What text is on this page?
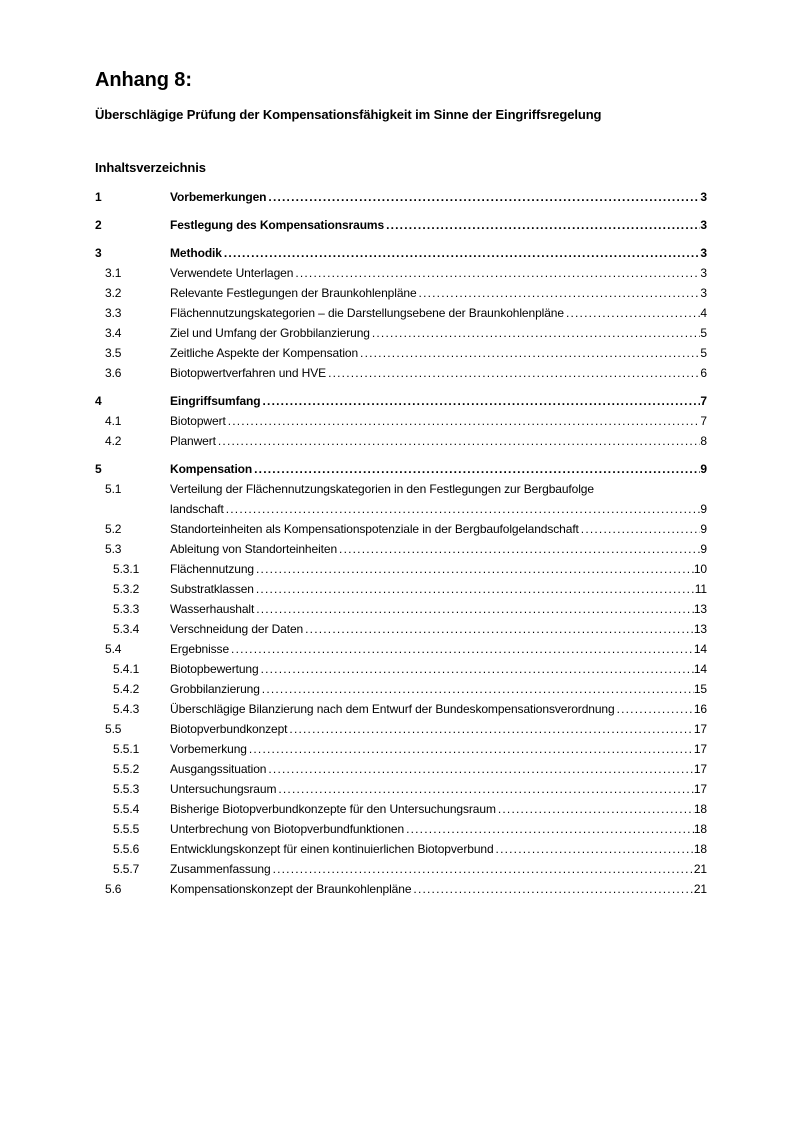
Anhang 8:
Überschlägige Prüfung der Kompensationsfähigkeit im Sinne der Eingriffsregelung
Inhaltsverzeichnis
1	Vorbemerkungen .....	3
2	Festlegung des Kompensationsraums .....	3
3	Methodik .....	3
3.1	Verwendete Unterlagen .....	3
3.2	Relevante Festlegungen der Braunkohlenpläne .....	3
3.3	Flächennutzungskategorien – die Darstellungsebene der Braunkohlenpläne .....	4
3.4	Ziel und Umfang der Grobbilanzierung .....	5
3.5	Zeitliche Aspekte der Kompensation .....	5
3.6	Biotopwertverfahren und HVE .....	6
4	Eingriffsumfang .....	7
4.1	Biotopwert .....	7
4.2	Planwert .....	8
5	Kompensation .....	9
5.1	Verteilung der Flächennutzungskategorien in den Festlegungen zur Bergbaufolge
landschaft .....	9
5.2	Standorteinheiten als Kompensationspotenziale in der Bergbaufolgelandschaft .....	9
5.3	Ableitung von Standorteinheiten .....	9
5.3.1	Flächennutzung .....	10
5.3.2	Substratklassen .....	11
5.3.3	Wasserhaushalt .....	13
5.3.4	Verschneidung der Daten .....	13
5.4	Ergebnisse .....	14
5.4.1	Biotopbewertung .....	14
5.4.2	Grobbilanzierung .....	15
5.4.3	Überschlägige Bilanzierung nach dem Entwurf der Bundeskompensationsverordnung .....	16
5.5	Biotopverbundkonzept .....	17
5.5.1	Vorbemerkung .....	17
5.5.2	Ausgangssituation .....	17
5.5.3	Untersuchungsraum .....	17
5.5.4	Bisherige Biotopverbundkonzepte für den Untersuchungsraum .....	18
5.5.5	Unterbrechung von Biotopverbundfunktionen .....	18
5.5.6	Entwicklungskonzept für einen kontinuierlichen Biotopverbund .....	18
5.5.7	Zusammenfassung .....	21
5.6	Kompensationskonzept der Braunkohlenpläne .....	21
